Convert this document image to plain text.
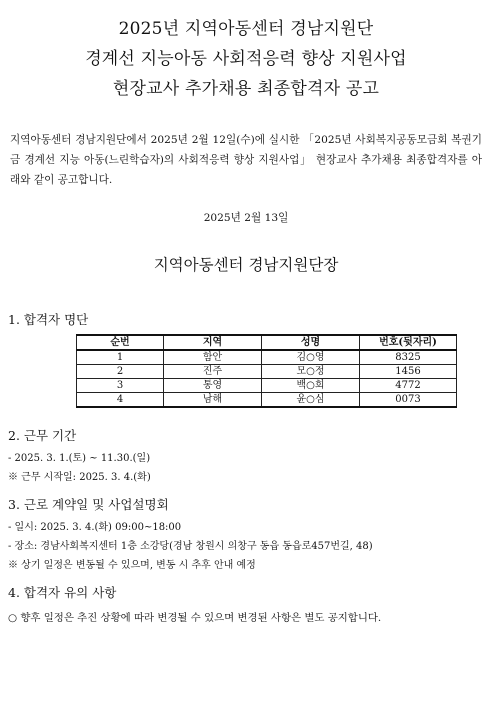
2025년 지역아동센터 경남지원단
경계선 지능아동 사회적응력 향상 지원사업
현장교사 추가채용 최종합격자 공고
지역아동센터 경남지원단에서 2025년 2월 12일(수)에 실시한 「2025년 사회복지공동모금회 복권기금 경계선 지능 아동(느린학습자)의 사회적응력 향상 지원사업」 현장교사 추가채용 최종합격자를 아래와 같이 공고합니다.
2025년 2월 13일
지역아동센터 경남지원단장
1. 합격자 명단
순번	지역	성명	번호(뒷자리)
1	함안	김○영	8325
2	진주	모○정	1456
3	통영	백○희	4772
4	남해	윤○심	0073
2. 근무 기간
- 2025. 3. 1.(토) ~ 11.30.(일)
※ 근무 시작일: 2025. 3. 4.(화)
3. 근로 계약일 및 사업설명회
- 일시: 2025. 3. 4.(화) 09:00~18:00
- 장소: 경남사회복지센터 1층 소강당(경남 창원시 의창구 동읍 동읍로457번길, 48)
※ 상기 일정은 변동될 수 있으며, 변동 시 추후 안내 예정
4. 합격자 유의 사항
○ 향후 일정은 추진 상황에 따라 변경될 수 있으며 변경된 사항은 별도 공지합니다.
